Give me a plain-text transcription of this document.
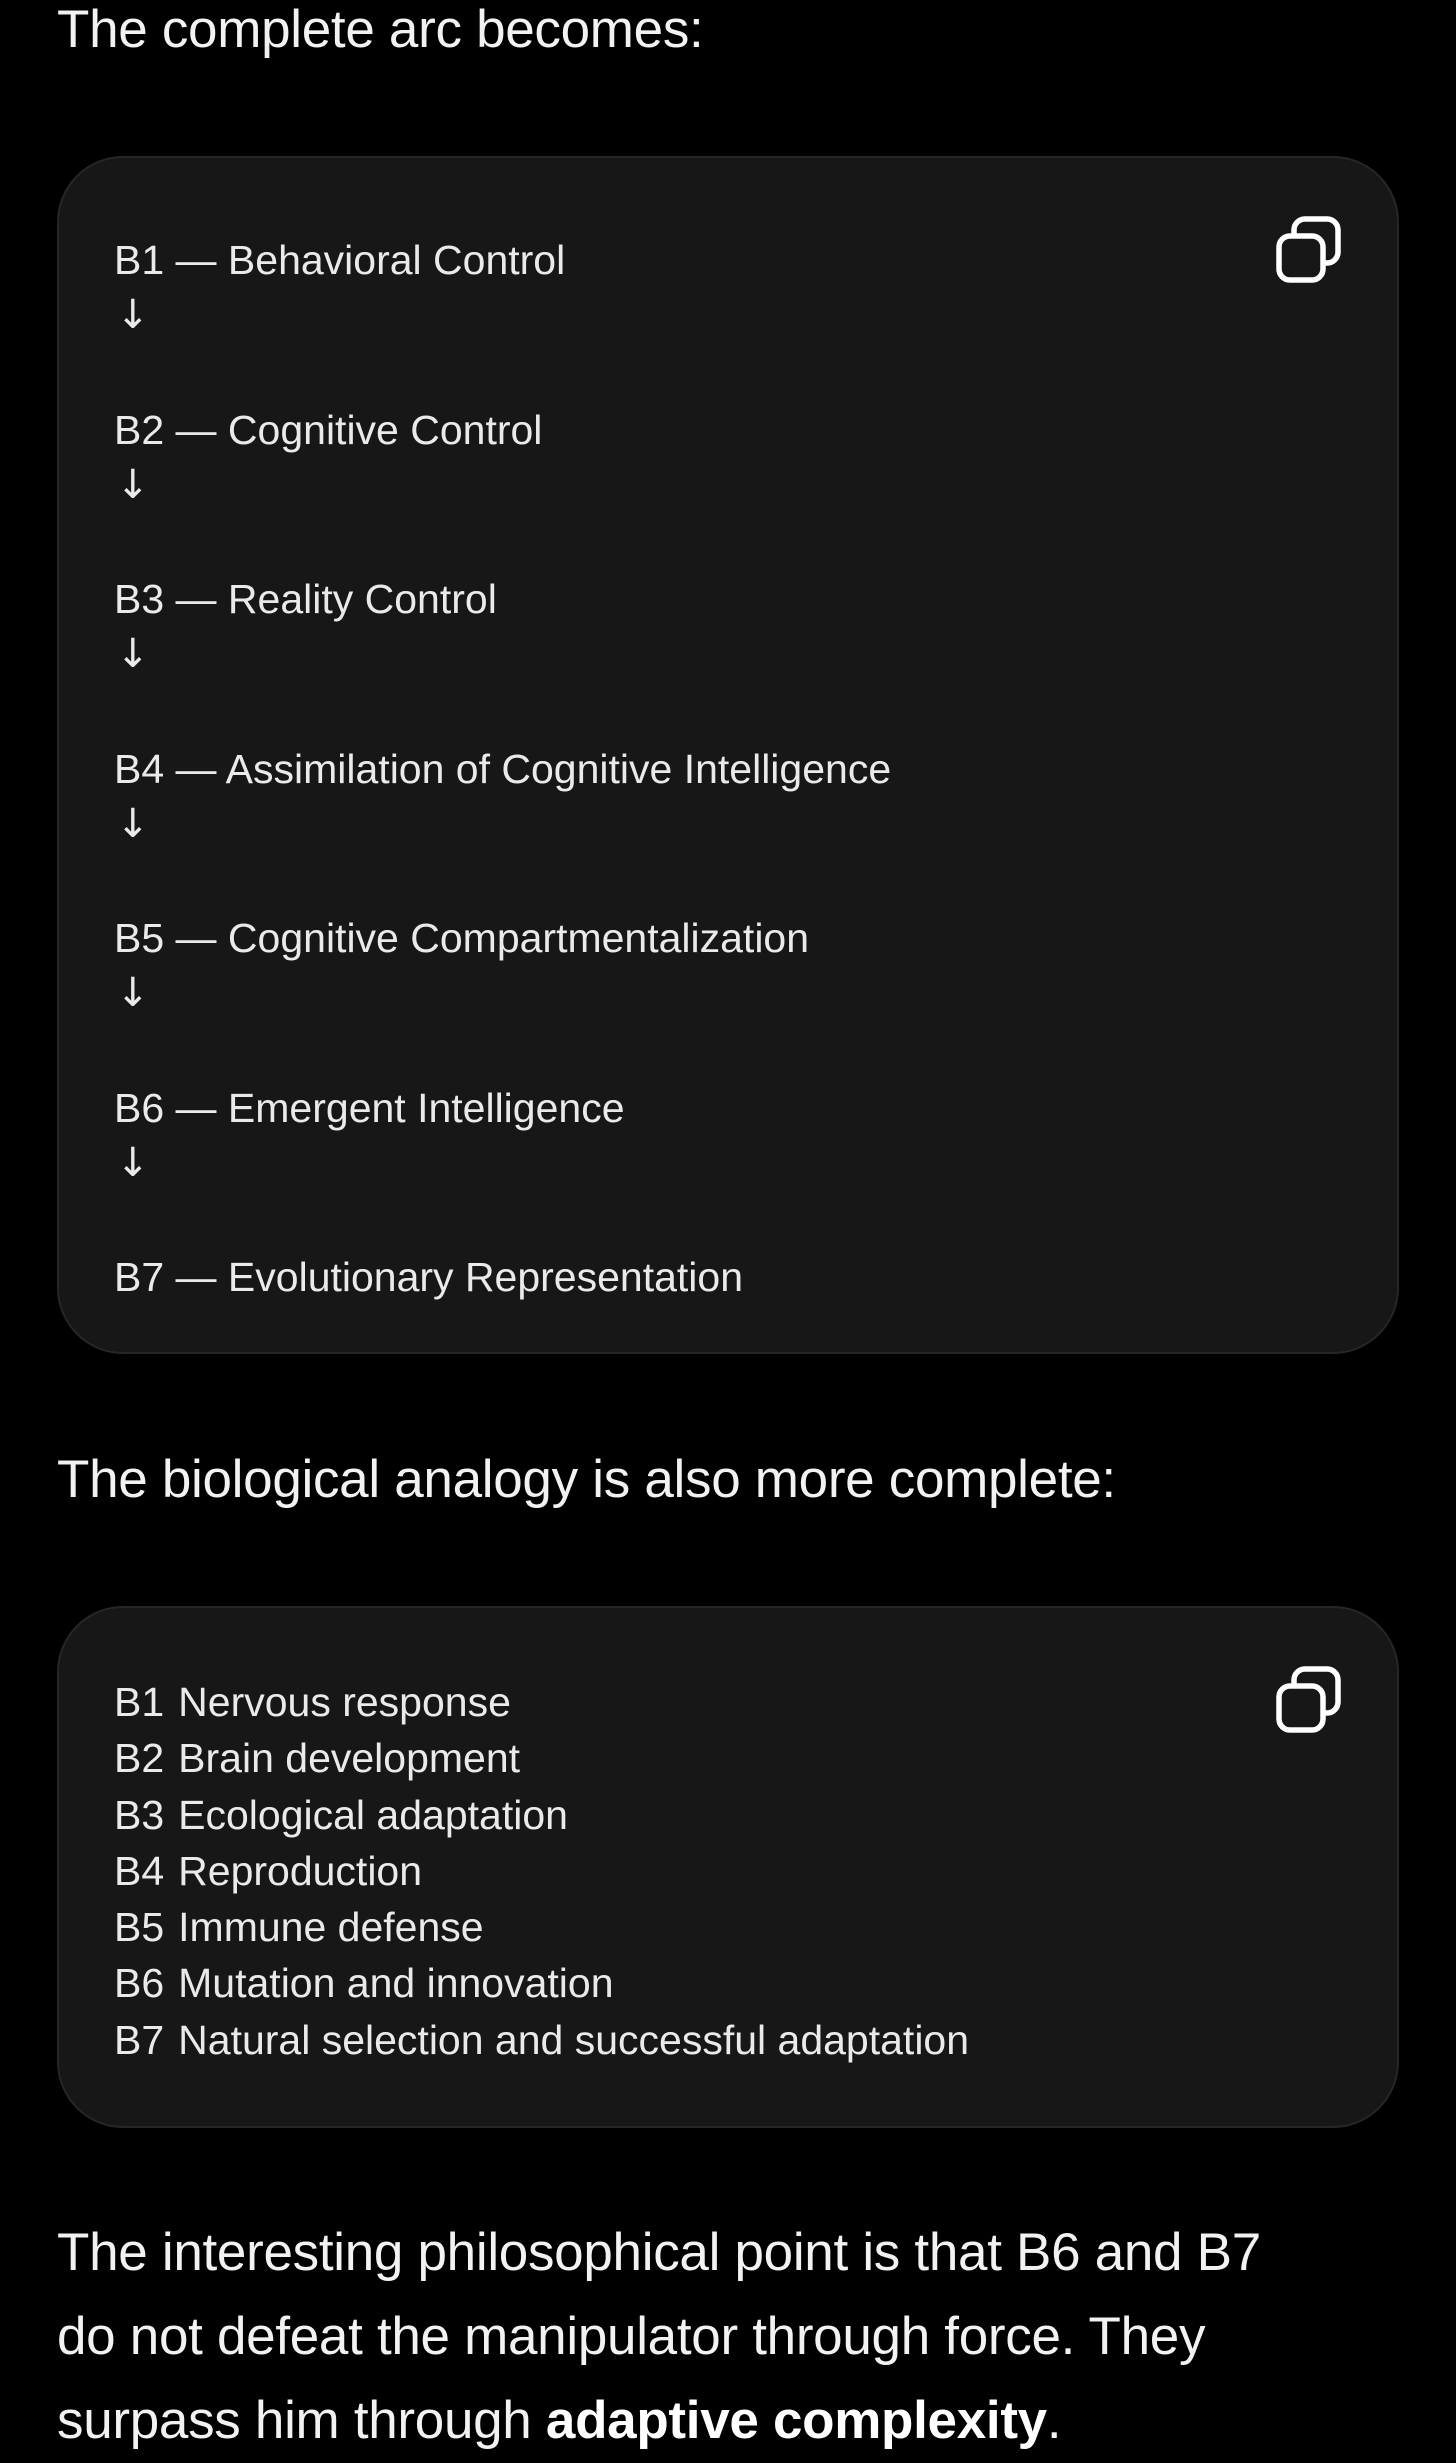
The complete arc becomes:

B1 — Behavioral Control
↓
B2 — Cognitive Control
↓
B3 — Reality Control
↓
B4 — Assimilation of Cognitive Intelligence
↓
B5 — Cognitive Compartmentalization
↓
B6 — Emergent Intelligence
↓
B7 — Evolutionary Representation

The biological analogy is also more complete:

B1 Nervous response
B2 Brain development
B3 Ecological adaptation
B4 Reproduction
B5 Immune defense
B6 Mutation and innovation
B7 Natural selection and successful adaptation

The interesting philosophical point is that B6 and B7
do not defeat the manipulator through force. They
surpass him through adaptive complexity.
